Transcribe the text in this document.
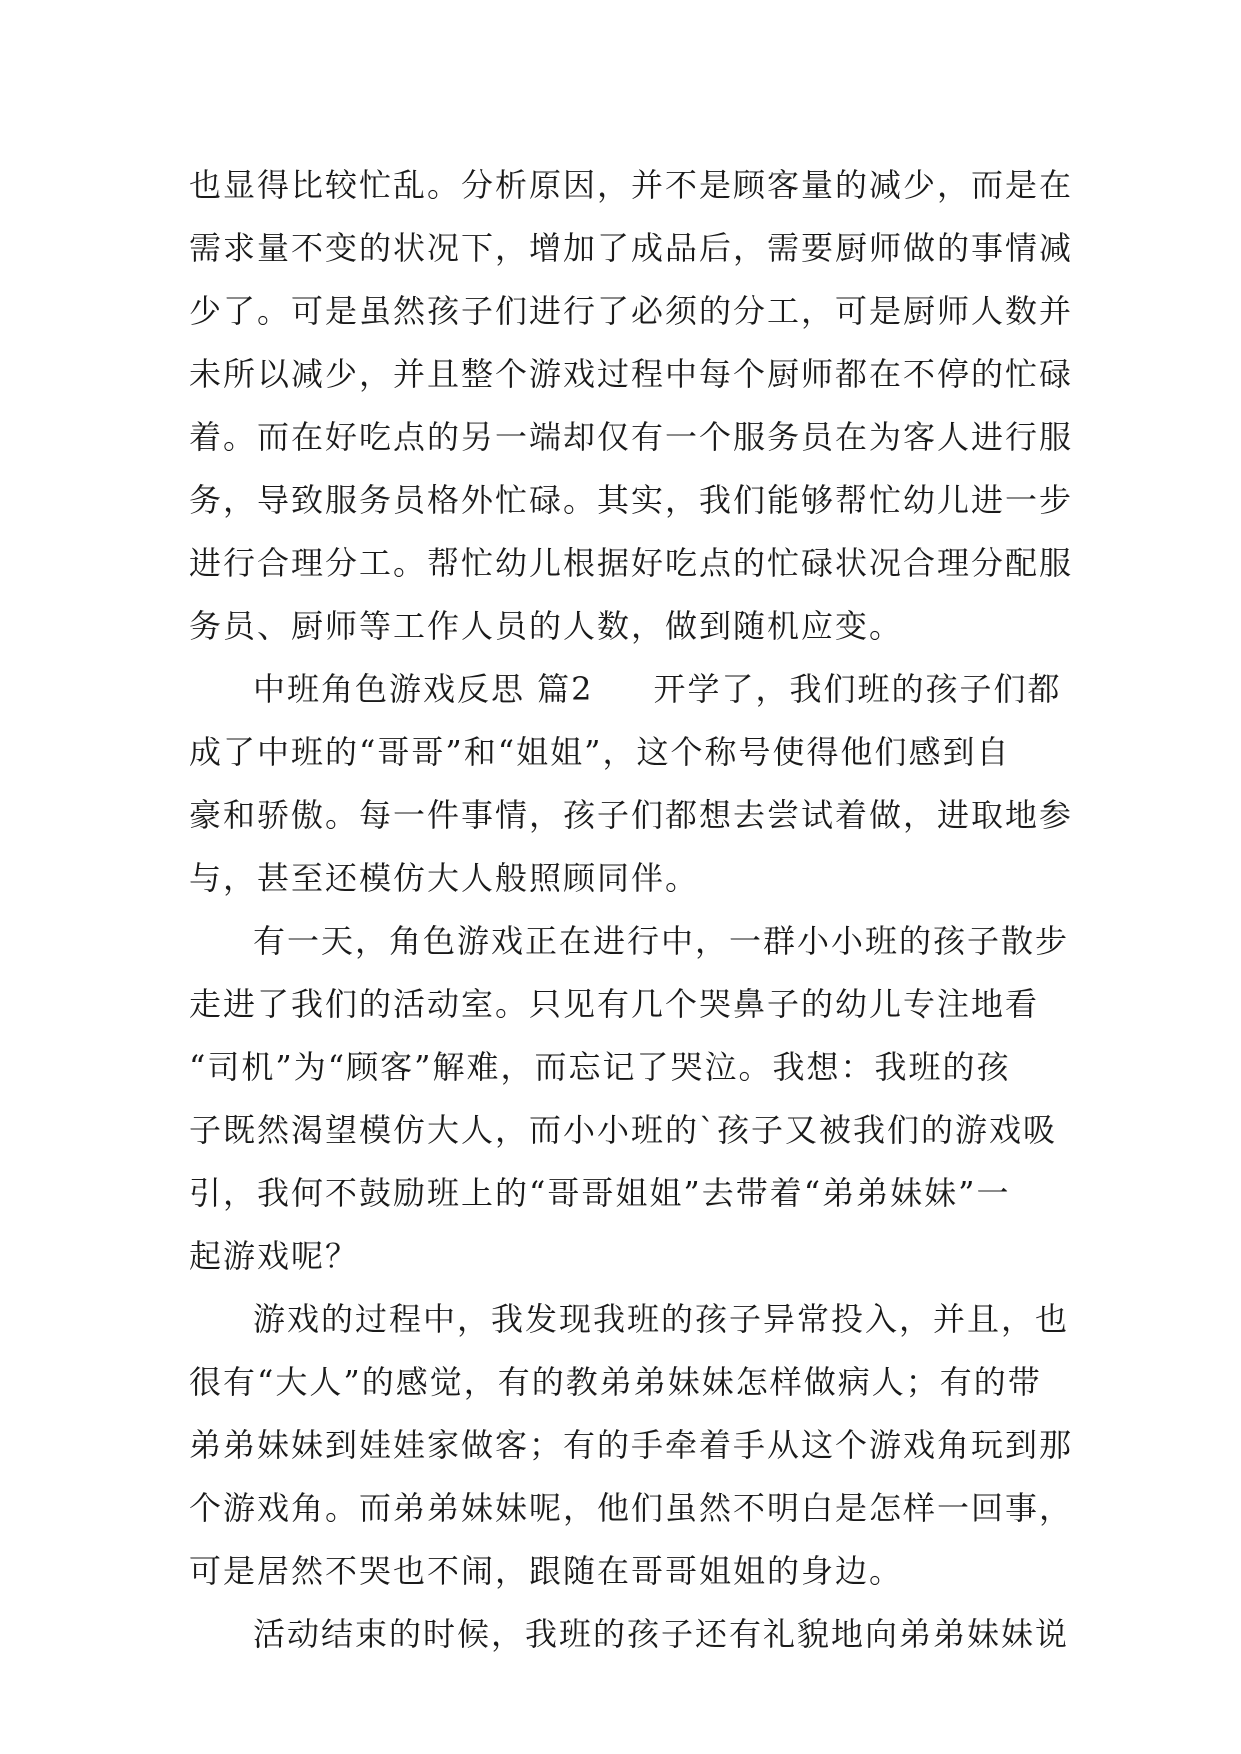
也显得比较忙乱。分析原因，并不是顾客量的减少，而是在
需求量不变的状况下，增加了成品后，需要厨师做的事情减
少了。可是虽然孩子们进行了必须的分工，可是厨师人数并
未所以减少，并且整个游戏过程中每个厨师都在不停的忙碌
着。而在好吃点的另一端却仅有一个服务员在为客人进行服
务，导致服务员格外忙碌。其实，我们能够帮忙幼儿进一步
进行合理分工。帮忙幼儿根据好吃点的忙碌状况合理分配服
务员、厨师等工作人员的人数，做到随机应变。
中班角色游戏反思 篇2 开学了，我们班的孩子们都
成了中班的“哥哥”和“姐姐”，这个称号使得他们感到自
豪和骄傲。每一件事情，孩子们都想去尝试着做，进取地参
与，甚至还模仿大人般照顾同伴。
有一天，角色游戏正在进行中，一群小小班的孩子散步
走进了我们的活动室。只见有几个哭鼻子的幼儿专注地看
“司机”为“顾客”解难，而忘记了哭泣。我想：我班的孩
子既然渴望模仿大人，而小小班的`孩子又被我们的游戏吸
引，我何不鼓励班上的“哥哥姐姐”去带着“弟弟妹妹”一
起游戏呢？
游戏的过程中，我发现我班的孩子异常投入，并且，也
很有“大人”的感觉，有的教弟弟妹妹怎样做病人；有的带
弟弟妹妹到娃娃家做客；有的手牵着手从这个游戏角玩到那
个游戏角。而弟弟妹妹呢，他们虽然不明白是怎样一回事，
可是居然不哭也不闹，跟随在哥哥姐姐的身边。
活动结束的时候，我班的孩子还有礼貌地向弟弟妹妹说
